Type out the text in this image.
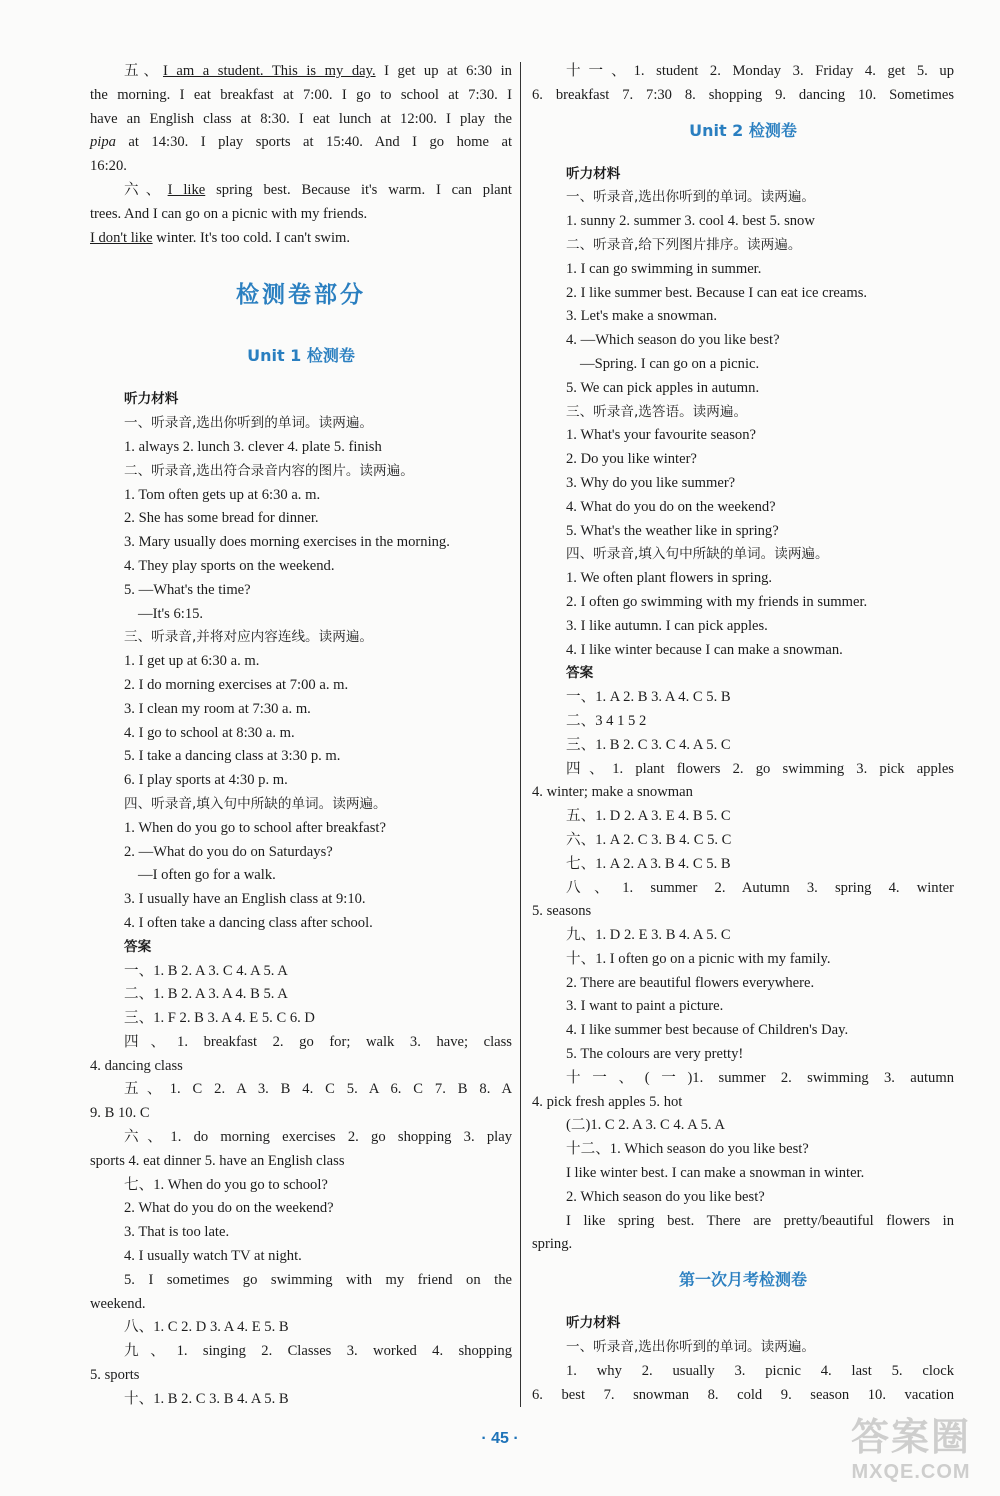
五、I am a student. This is my day. I get up at 6:30 in
the morning. I eat breakfast at 7:00. I go to school at 7:30. I
have an English class at 8:30. I eat lunch at 12:00. I play the
pipa at 14:30. I play sports at 15:40. And I go home at
16:20.
六、I like spring best. Because it's warm. I can plant
trees. And I can go on a picnic with my friends.
I don't like winter. It's too cold. I can't swim.
检测卷部分
Unit 1 检测卷
听力材料
一、听录音,选出你听到的单词。读两遍。
1. always 2. lunch 3. clever 4. plate 5. finish
二、听录音,选出符合录音内容的图片。读两遍。
1. Tom often gets up at 6:30 a. m.
2. She has some bread for dinner.
3. Mary usually does morning exercises in the morning.
4. They play sports on the weekend.
5. —What's the time?
—It's 6:15.
三、听录音,并将对应内容连线。读两遍。
1. I get up at 6:30 a. m.
2. I do morning exercises at 7:00 a. m.
3. I clean my room at 7:30 a. m.
4. I go to school at 8:30 a. m.
5. I take a dancing class at 3:30 p. m.
6. I play sports at 4:30 p. m.
四、听录音,填入句中所缺的单词。读两遍。
1. When do you go to school after breakfast?
2. —What do you do on Saturdays?
—I often go for a walk.
3. I usually have an English class at 9:10.
4. I often take a dancing class after school.
答案
一、1. B 2. A 3. C 4. A 5. A
二、1. B 2. A 3. A 4. B 5. A
三、1. F 2. B 3. A 4. E 5. C 6. D
四、1. breakfast 2. go for; walk 3. have; class
4. dancing class
五、1. C 2. A 3. B 4. C 5. A 6. C 7. B 8. A
9. B 10. C
六、1. do morning exercises 2. go shopping 3. play
sports 4. eat dinner 5. have an English class
七、1. When do you go to school?
2. What do you do on the weekend?
3. That is too late.
4. I usually watch TV at night.
5. I sometimes go swimming with my friend on the
weekend.
八、1. C 2. D 3. A 4. E 5. B
九、1. singing 2. Classes 3. worked 4. shopping
5. sports
十、1. B 2. C 3. B 4. A 5. B
十一、1. student 2. Monday 3. Friday 4. get 5. up
6. breakfast 7. 7:30 8. shopping 9. dancing 10. Sometimes
Unit 2 检测卷
听力材料
一、听录音,选出你听到的单词。读两遍。
1. sunny 2. summer 3. cool 4. best 5. snow
二、听录音,给下列图片排序。读两遍。
1. I can go swimming in summer.
2. I like summer best. Because I can eat ice creams.
3. Let's make a snowman.
4. —Which season do you like best?
—Spring. I can go on a picnic.
5. We can pick apples in autumn.
三、听录音,选答语。读两遍。
1. What's your favourite season?
2. Do you like winter?
3. Why do you like summer?
4. What do you do on the weekend?
5. What's the weather like in spring?
四、听录音,填入句中所缺的单词。读两遍。
1. We often plant flowers in spring.
2. I often go swimming with my friends in summer.
3. I like autumn. I can pick apples.
4. I like winter because I can make a snowman.
答案
一、1. A 2. B 3. A 4. C 5. B
二、3 4 1 5 2
三、1. B 2. C 3. C 4. A 5. C
四、1. plant flowers 2. go swimming 3. pick apples
4. winter; make a snowman
五、1. D 2. A 3. E 4. B 5. C
六、1. A 2. C 3. B 4. C 5. C
七、1. A 2. A 3. B 4. C 5. B
八、1. summer 2. Autumn 3. spring 4. winter
5. seasons
九、1. D 2. E 3. B 4. A 5. C
十、1. I often go on a picnic with my family.
2. There are beautiful flowers everywhere.
3. I want to paint a picture.
4. I like summer best because of Children's Day.
5. The colours are very pretty!
十一、(一)1. summer 2. swimming 3. autumn
4. pick fresh apples 5. hot
(二)1. C 2. A 3. C 4. A 5. A
十二、1. Which season do you like best?
I like winter best. I can make a snowman in winter.
2. Which season do you like best?
I like spring best. There are pretty/beautiful flowers in
spring.
第一次月考检测卷
听力材料
一、听录音,选出你听到的单词。读两遍。
1. why 2. usually 3. picnic 4. last 5. clock
6. best 7. snowman 8. cold 9. season 10. vacation
· 45 ·	答案圈
MXQE.COM
